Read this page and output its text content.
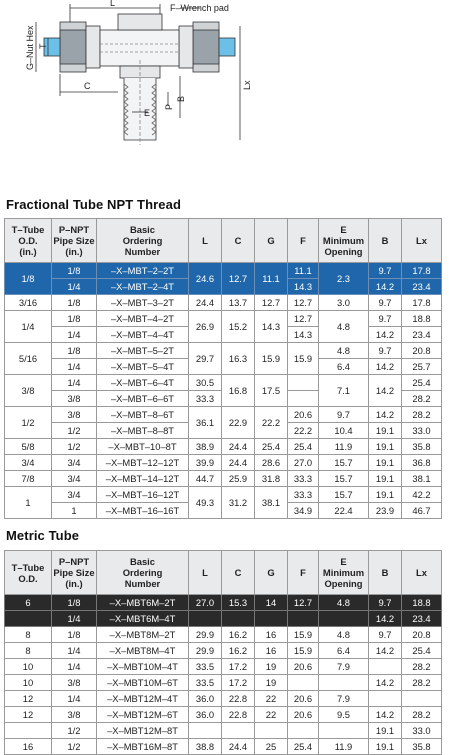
L	F–Wrench pad
T
G–Nut Hex
C
E
P
B
Lx
Fractional Tube NPT Thread
T–Tube
O.D.
(in.)	P–NPT
Pipe Size
(in.)	Basic
Ordering
Number	L	C	G	F	E
Minimum
Opening	B	Lx
1/8	1/8	–X–MBT–2–2T	24.6	12.7	11.1	11.1	2.3	9.7	17.8
	1/4	–X–MBT–2–4T				14.3		14.2	23.4
3/16	1/8	–X–MBT–3–2T	24.4	13.7	12.7	12.7	3.0	9.7	17.8
1/4	1/8	–X–MBT–4–2T	26.9	15.2	14.3	12.7	4.8	9.7	18.8
	1/4	–X–MBT–4–4T				14.3		14.2	23.4
5/16	1/8	–X–MBT–5–2T	29.7	16.3	15.9	15.9	4.8	9.7	20.8
	1/4	–X–MBT–5–4T					6.4	14.2	25.7
3/8	1/4	–X–MBT–6–4T	30.5	16.8	17.5		7.1	14.2	25.4
	3/8	–X–MBT–6–6T	33.3						28.2
1/2	3/8	–X–MBT–8–6T	36.1	22.9	22.2	20.6	9.7	14.2	28.2
	1/2	–X–MBT–8–8T				22.2	10.4	19.1	33.0
5/8	1/2	–X–MBT–10–8T	38.9	24.4	25.4	25.4	11.9	19.1	35.8
3/4	3/4	–X–MBT–12–12T	39.9	24.4	28.6	27.0	15.7	19.1	36.8
7/8	3/4	–X–MBT–14–12T	44.7	25.9	31.8	33.3	15.7	19.1	38.1
1	3/4	–X–MBT–16–12T	49.3	31.2	38.1	33.3	15.7	19.1	42.2
	1	–X–MBT–16–16T				34.9	22.4	23.9	46.7
Metric Tube
T–Tube
O.D.	P–NPT
Pipe Size
(in.)	Basic
Ordering
Number	L	C	G	F	E
Minimum
Opening	B	Lx
6	1/8	–X–MBT6M–2T	27.0	15.3	14	12.7	4.8	9.7	18.8
	1/4	–X–MBT6M–4T						14.2	23.4
8	1/8	–X–MBT8M–2T	29.9	16.2	16	15.9	4.8	9.7	20.8
8	1/4	–X–MBT8M–4T	29.9	16.2	16	15.9	6.4	14.2	25.4
10	1/4	–X–MBT10M–4T	33.5	17.2	19	20.6	7.9		28.2
10	3/8	–X–MBT10M–6T	33.5	17.2	19			14.2	28.2
12	1/4	–X–MBT12M–4T	36.0	22.8	22	20.6	7.9		
12	3/8	–X–MBT12M–6T	36.0	22.8	22	20.6	9.5	14.2	28.2
	1/2	–X–MBT12M–8T						19.1	33.0
16	1/2	–X–MBT16M–8T	38.8	24.4	25	25.4	11.9	19.1	35.8
